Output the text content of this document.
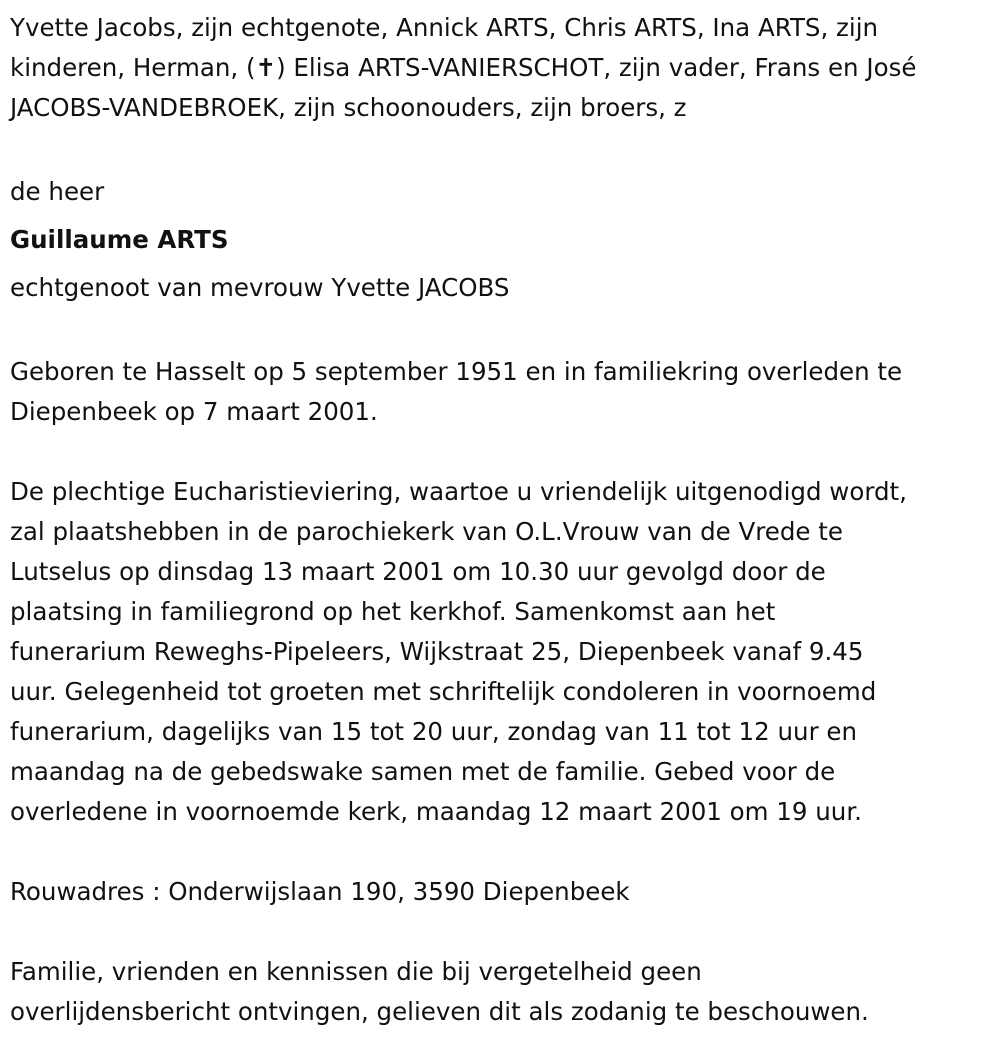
Yvette Jacobs, zijn echtgenote, Annick ARTS, Chris ARTS, Ina ARTS, zijn
kinderen, Herman, (✝) Elisa ARTS-VANIERSCHOT, zijn vader, Frans en José
JACOBS-VANDEBROEK, zijn schoonouders, zijn broers, z
de heer
Guillaume ARTS
echtgenoot van mevrouw Yvette JACOBS
Geboren te Hasselt op 5 september 1951 en in familiekring overleden te
Diepenbeek op 7 maart 2001.
De plechtige Eucharistieviering, waartoe u vriendelijk uitgenodigd wordt,
zal plaatshebben in de parochiekerk van O.L.Vrouw van de Vrede te
Lutselus op dinsdag 13 maart 2001 om 10.30 uur gevolgd door de
plaatsing in familiegrond op het kerkhof. Samenkomst aan het
funerarium Reweghs-Pipeleers, Wijkstraat 25, Diepenbeek vanaf 9.45
uur. Gelegenheid tot groeten met schriftelijk condoleren in voornoemd
funerarium, dagelijks van 15 tot 20 uur, zondag van 11 tot 12 uur en
maandag na de gebedswake samen met de familie. Gebed voor de
overledene in voornoemde kerk, maandag 12 maart 2001 om 19 uur.
Rouwadres : Onderwijslaan 190, 3590 Diepenbeek
Familie, vrienden en kennissen die bij vergetelheid geen
overlijdensbericht ontvingen, gelieven dit als zodanig te beschouwen.
